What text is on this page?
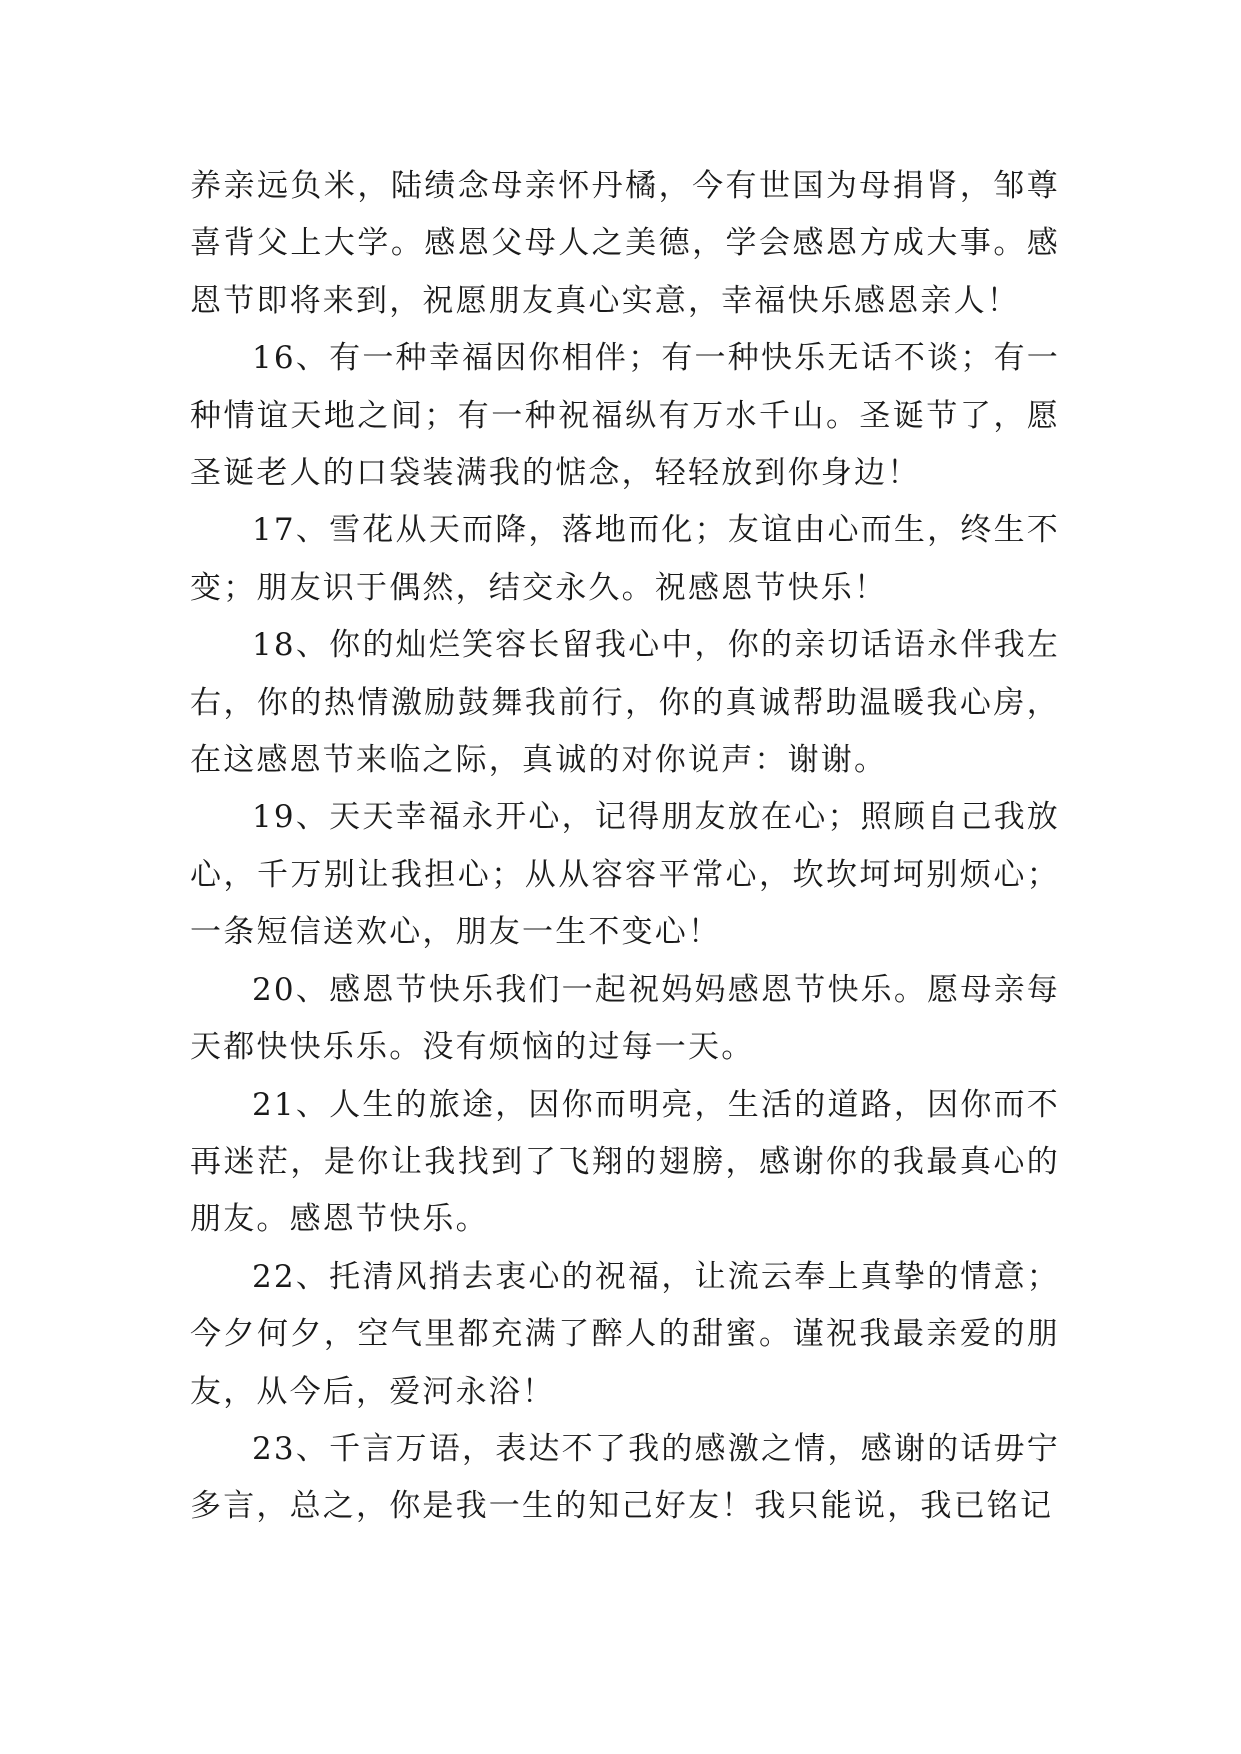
养亲远负米，陆绩念母亲怀丹橘，今有世国为母捐肾，邹尊喜背父上大学。感恩父母人之美德，学会感恩方成大事。感恩节即将来到，祝愿朋友真心实意，幸福快乐感恩亲人！

16、有一种幸福因你相伴；有一种快乐无话不谈；有一种情谊天地之间；有一种祝福纵有万水千山。圣诞节了，愿圣诞老人的口袋装满我的惦念，轻轻放到你身边！

17、雪花从天而降，落地而化；友谊由心而生，终生不变；朋友识于偶然，结交永久。祝感恩节快乐！

18、你的灿烂笑容长留我心中，你的亲切话语永伴我左右，你的热情激励鼓舞我前行，你的真诚帮助温暖我心房，在这感恩节来临之际，真诚的对你说声：谢谢。

19、天天幸福永开心，记得朋友放在心；照顾自己我放心，千万别让我担心；从从容容平常心，坎坎坷坷别烦心；一条短信送欢心，朋友一生不变心！

20、感恩节快乐我们一起祝妈妈感恩节快乐。愿母亲每天都快快乐乐。没有烦恼的过每一天。

21、人生的旅途，因你而明亮，生活的道路，因你而不再迷茫，是你让我找到了飞翔的翅膀，感谢你的我最真心的朋友。感恩节快乐。

22、托清风捎去衷心的祝福，让流云奉上真挚的情意；今夕何夕，空气里都充满了醉人的甜蜜。谨祝我最亲爱的朋友，从今后，爱河永浴！

23、千言万语，表达不了我的感激之情，感谢的话毋宁多言，总之，你是我一生的知己好友！我只能说，我已铭记
